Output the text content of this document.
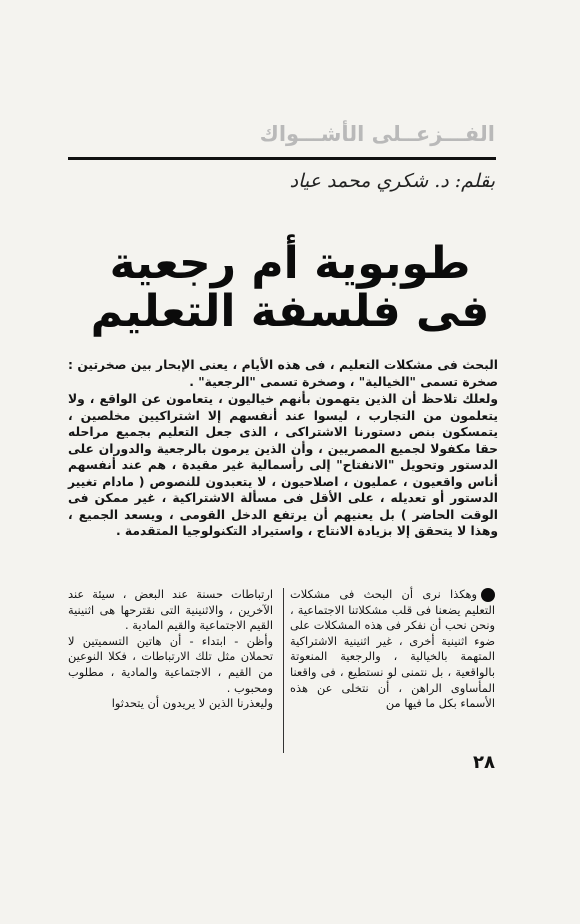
الفـــزعــلى الأشـــواك
بقلم: د. شكري محمد عياد
طوبوية أم رجعية
فى فلسفة التعليم

البحث فى مشكلات التعليم ، فى هذه الأيام ، يعنى الإبحار بين صخرتين : صخرة تسمى "الخيالية" ، وصخرة تسمى "الرجعية" .

ولعلك تلاحظ أن الذين يتهمون بأنهم خياليون ، يتعامون عن الواقع ، ولا يتعلمون من التجارب ، ليسوا عند أنفسهم إلا اشتراكيين مخلصين ، يتمسكون بنص دستورنا الاشتراكى ، الذى جعل التعليم بجميع مراحله حقا مكفولا لجميع المصريين ، وأن الذين يرمون بالرجعية والدوران على الدستور وتحويل "الانفتاح" إلى رأسمالية غير مقيدة ، هم عند أنفسهم أناس واقعيون ، عمليون ، اصلاحيون ، لا يتعبدون للنصوص ( مادام تغيير الدستور أو تعديله ، على الأقل فى مسألة الاشتراكية ، غير ممكن فى الوقت الحاضر ) بل يعنيهم أن يرتفع الدخل القومى ، ويسعد الجميع ، وهذا لا يتحقق إلا بزيادة الانتاج ، واستيراد التكنولوجيا المتقدمة .

وهكذا نرى أن البحث فى مشكلات التعليم يضعنا فى قلب مشكلاتنا الاجتماعية ، ونحن نحب أن نفكر فى هذه المشكلات على ضوء اثنينية أخرى ، غير اثنينية الاشتراكية المتهمة بالخيالية ، والرجعية المنعوتة بالواقعية ، بل نتمنى لو نستطيع ، فى واقعنا المأساوى الراهن ، أن نتخلى عن هذه الأسماء بكل ما فيها من

ارتباطات حسنة عند البعض ، سيئة عند الآخرين ، والاثنينية التى نقترحها هى اثنينية القيم الاجتماعية والقيم المادية .

وأظن - ابتداء - أن هاتين التسميتين لا تحملان مثل تلك الارتباطات ، فكلا النوعين من القيم ، الاجتماعية والمادية ، مطلوب ومحبوب .

وليعذرنا الذين لا يريدون أن يتحدثوا

٢٨
